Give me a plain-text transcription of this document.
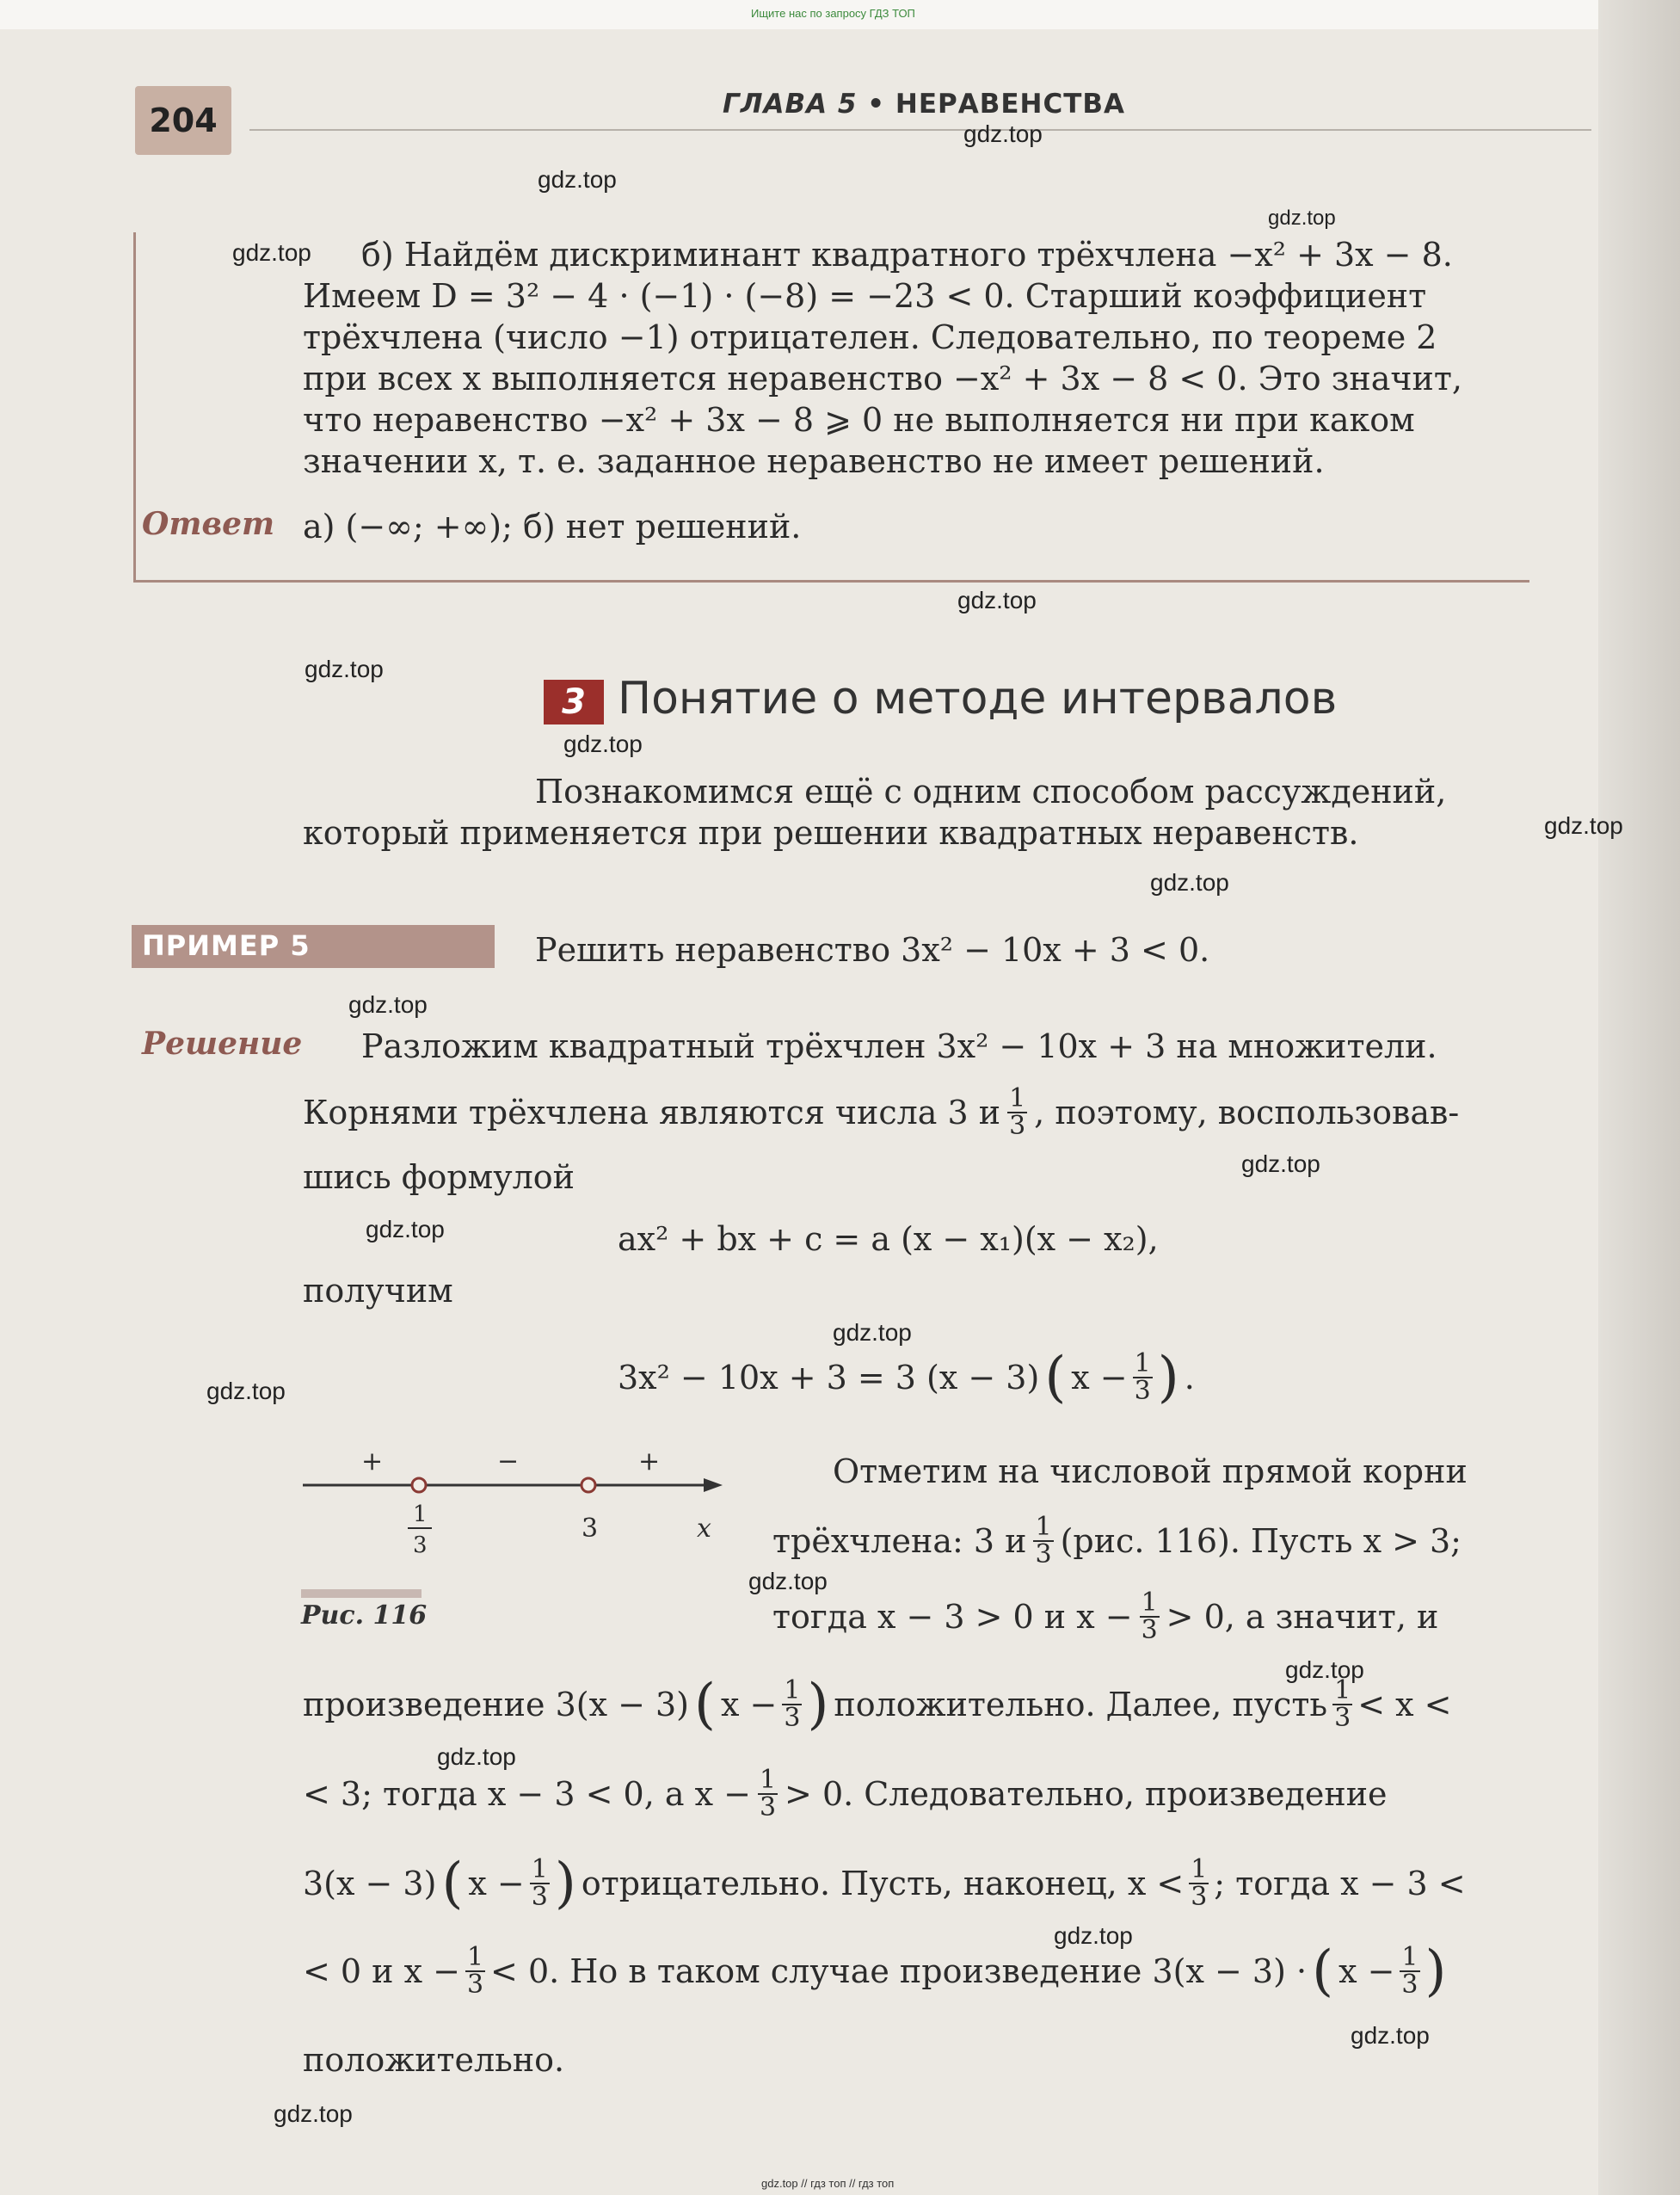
Ищите нас по запросу ГДЗ ТОП
204	ГЛАВА 5 • НЕРАВЕНСТВА
gdz.top
gdz.top
gdz.top
gdz.top
gdz.top
gdz.top
gdz.top
gdz.top
gdz.top
gdz.top
gdz.top
gdz.top
gdz.top
gdz.top
gdz.top
gdz.top
gdz.top
gdz.top
gdz.top
gdz.top
б) Найдём дискриминант квадратного трёхчлена −x² + 3x − 8.
Имеем D = 3² − 4 · (−1) · (−8) = −23 < 0. Старший коэффициент
трёхчлена (число −1) отрицателен. Следовательно, по теореме 2
при всех x выполняется неравенство −x² + 3x − 8 < 0. Это значит,
что неравенство −x² + 3x − 8 ⩾ 0 не выполняется ни при каком
значении x, т. е. заданное неравенство не имеет решений.
Ответ а) (−∞; +∞); б) нет решений.
3 Понятие о методе интервалов
Познакомимся ещё с одним способом рассуждений,
который применяется при решении квадратных неравенств.
ПРИМЕР 5	Решить неравенство 3x² − 10x + 3 < 0.
Решение Разложим квадратный трёхчлен 3x² − 10x + 3 на множители.
Корнями трёхчлена являются числа 3 и $\frac{1}{3}$ , поэтому, воспользовав-
шись формулой
ax² + bx + c = a (x − x₁)(x − x₂),
получим
3x² − 10x + 3 = 3 (x − 3) ( $x - \frac{1}{3}$ ) .
+	−	+
1
3
3	x
Рис. 116
Отметим на числовой прямой корни
трёхчлена: 3 и $\frac{1}{3} (рис$. 116). Пусть x > 3;
тогда x − 3 > 0 и $x - \frac{1}{3} > 0$, а значит, и
произведение 3(x − 3) ( $x - \frac{1}{3}$ ) положительно. Далее, пусть $\frac{1}{3} < x$ <
< 3; тогда x − 3 < 0, а $x - \frac{1}{3} > 0$. Следовательно, произведение
3(x − 3) ( $x - \frac{1}{3}$ ) отрицательно. Пусть, наконец, $x < \frac{1}{3}$ ; тогда x − 3 <
< 0 и $x - \frac{1}{3} < 0$. Но в таком случае произведение 3(x − 3) · ( $x - \frac{1}{3}$ )
положительно.
gdz.top // гдз топ // гдз топ
